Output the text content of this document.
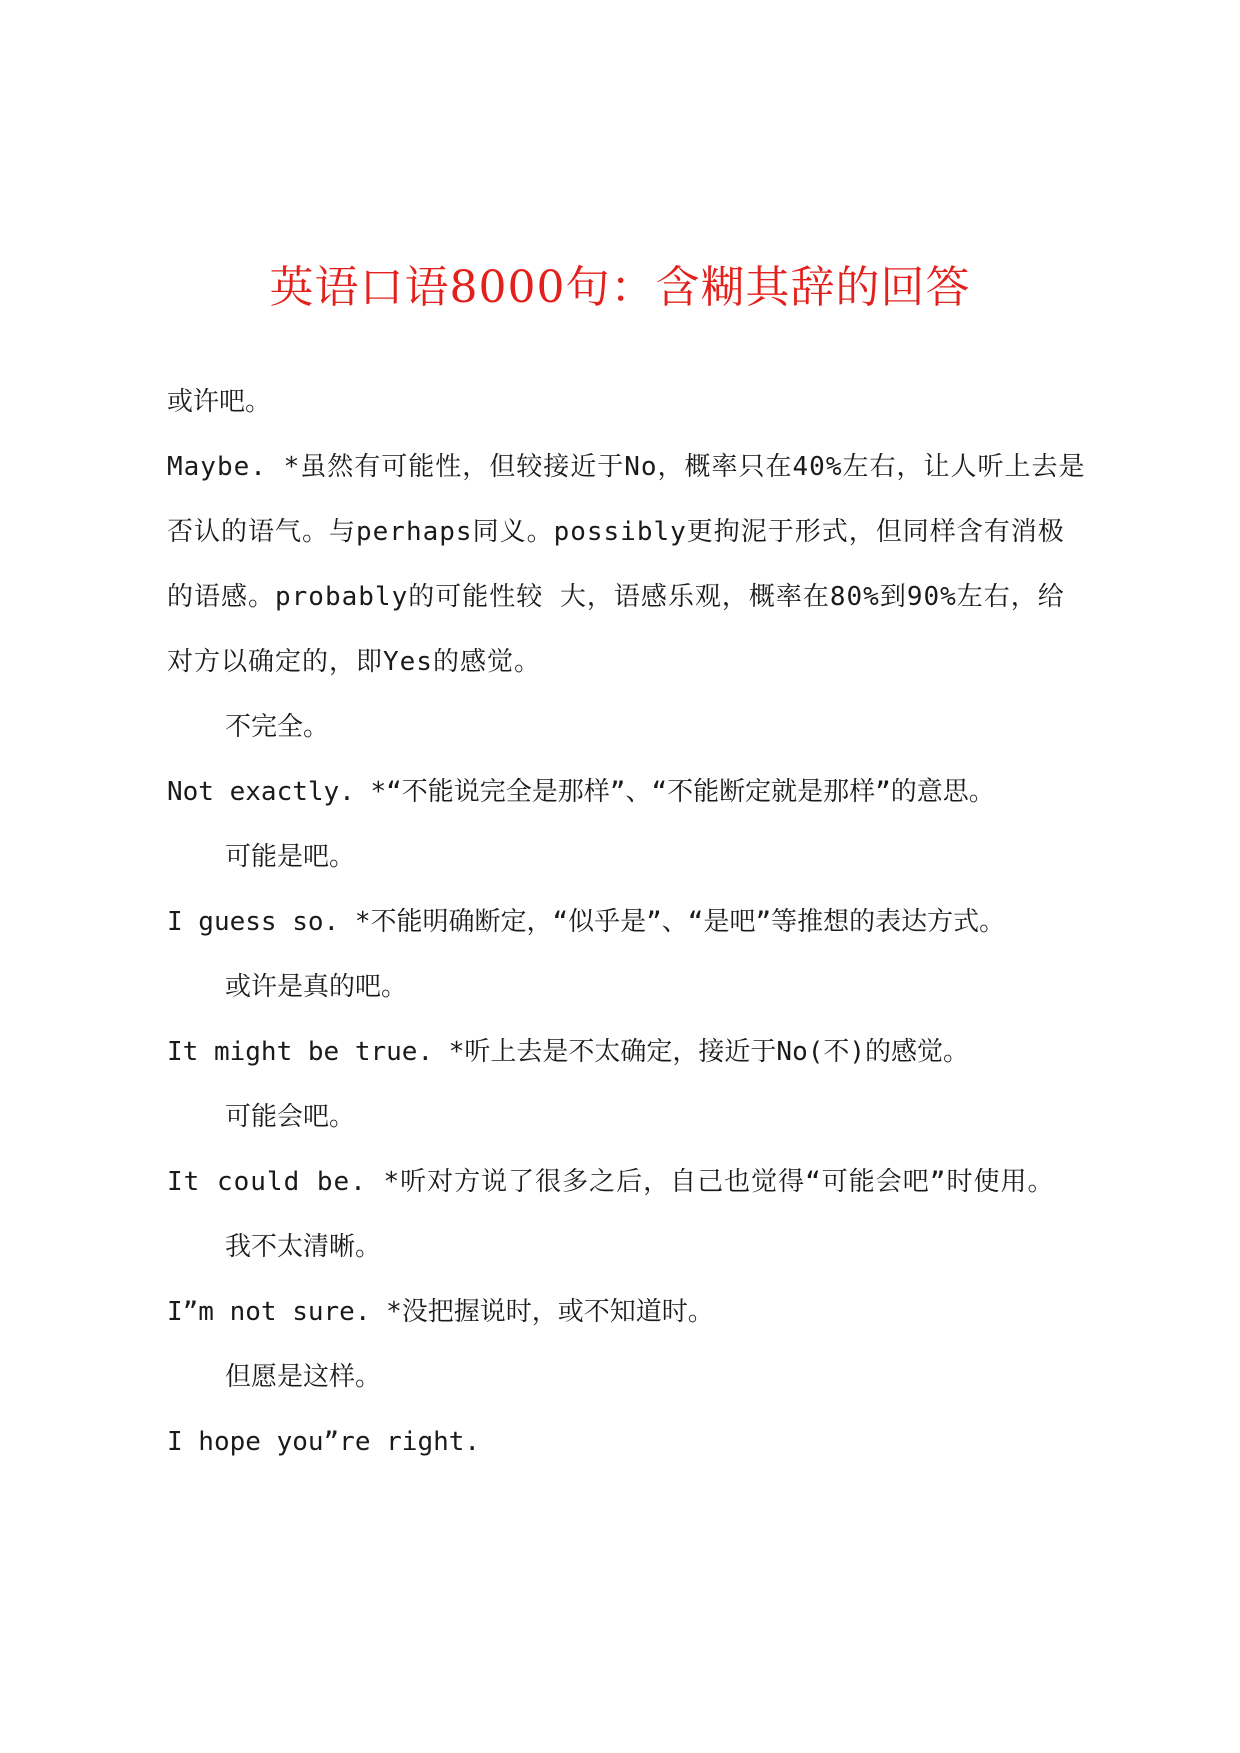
英语口语8000句：含糊其辞的回答

或许吧。

Maybe. *虽然有可能性，但较接近于No，概率只在40%左右，让人听上去是否认的语气。与perhaps同义。possibly更拘泥于形式，但同样含有消极的语感。probably的可能性较 大，语感乐观，概率在80%到90%左右，给对方以确定的，即Yes的感觉。

不完全。

Not exactly. *“不能说完全是那样”、“不能断定就是那样”的意思。

可能是吧。

I guess so. *不能明确断定，“似乎是”、“是吧”等推想的表达方式。

或许是真的吧。

It might be true. *听上去是不太确定，接近于No(不)的感觉。

可能会吧。

It could be. *听对方说了很多之后，自己也觉得“可能会吧”时使用。

我不太清晰。

I”m not sure. *没把握说时，或不知道时。

但愿是这样。

I hope you”re right.
